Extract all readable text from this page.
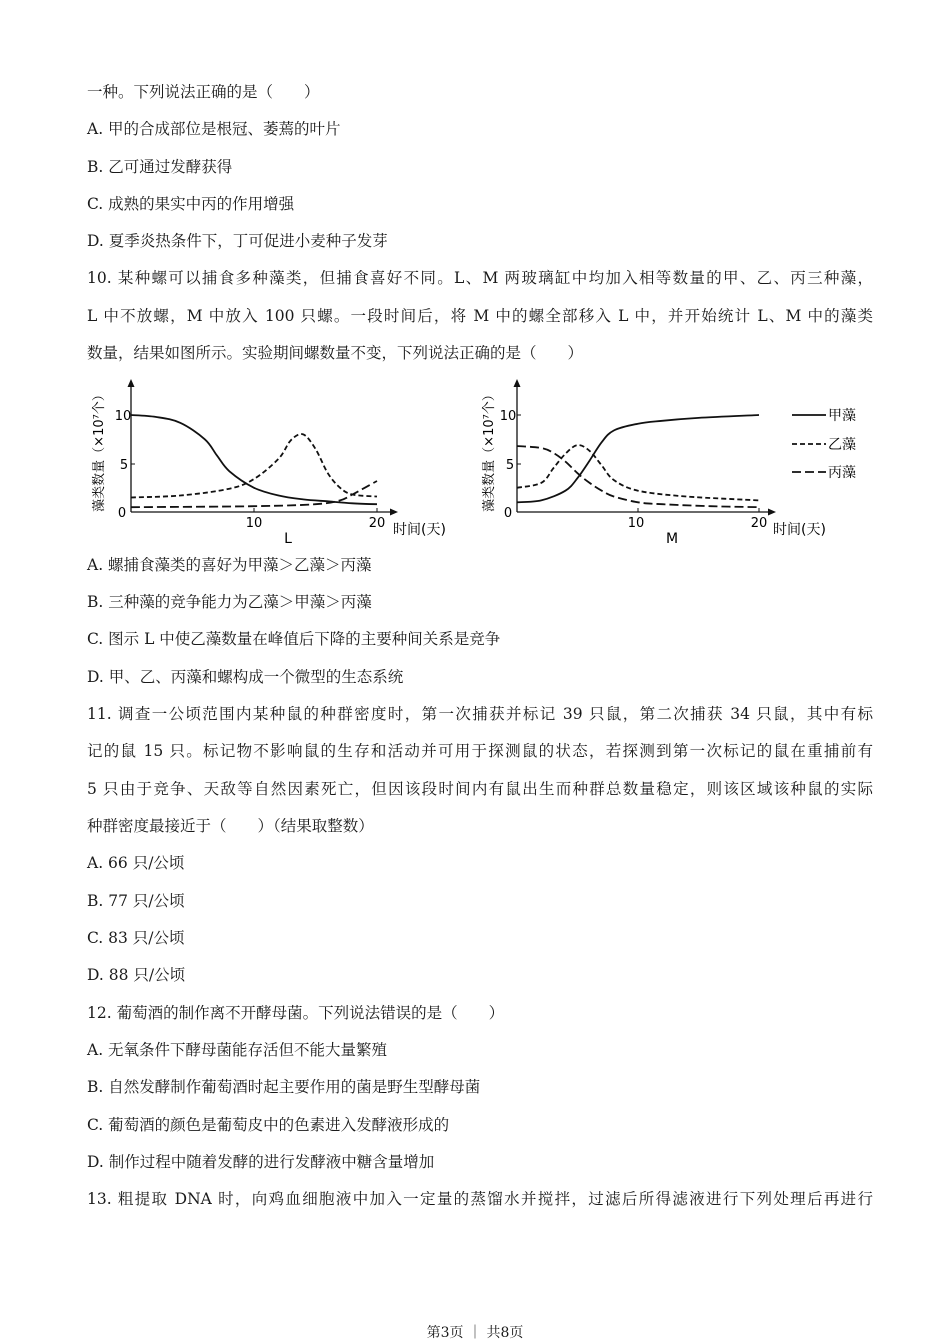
一种。下列说法正确的是（　　）
A. 甲的合成部位是根冠、萎蔫的叶片
B. 乙可通过发酵获得
C. 成熟的果实中丙的作用增强
D. 夏季炎热条件下，丁可促进小麦种子发芽
10. 某种螺可以捕食多种藻类，但捕食喜好不同。L、M 两玻璃缸中均加入相等数量的甲、乙、丙三种藻，
L 中不放螺，M 中放入 100 只螺。一段时间后，将 M 中的螺全部移入 L 中，并开始统计 L、M 中的藻类
数量，结果如图所示。实验期间螺数量不变，下列说法正确的是（　　）
藻类数量（×10⁷个）
0
5
10
10	20 时间(天)
L
藻类数量（×10⁷个）
0
5
10
10	20 时间(天)
M
甲藻
乙藻
丙藻
A. 螺捕食藻类的喜好为甲藻＞乙藻＞丙藻
B. 三种藻的竞争能力为乙藻＞甲藻＞丙藻
C. 图示 L 中使乙藻数量在峰值后下降的主要种间关系是竞争
D. 甲、乙、丙藻和螺构成一个微型的生态系统
11. 调查一公顷范围内某种鼠的种群密度时，第一次捕获并标记 39 只鼠，第二次捕获 34 只鼠，其中有标
记的鼠 15 只。标记物不影响鼠的生存和活动并可用于探测鼠的状态，若探测到第一次标记的鼠在重捕前有
5 只由于竞争、天敌等自然因素死亡，但因该段时间内有鼠出生而种群总数量稳定，则该区域该种鼠的实际
种群密度最接近于（　　）（结果取整数）
A. 66 只/公顷
B. 77 只/公顷
C. 83 只/公顷
D. 88 只/公顷
12. 葡萄酒的制作离不开酵母菌。下列说法错误的是（　　）
A. 无氧条件下酵母菌能存活但不能大量繁殖
B. 自然发酵制作葡萄酒时起主要作用的菌是野生型酵母菌
C. 葡萄酒的颜色是葡萄皮中的色素进入发酵液形成的
D. 制作过程中随着发酵的进行发酵液中糖含量增加
13. 粗提取 DNA 时，向鸡血细胞液中加入一定量的蒸馏水并搅拌，过滤后所得滤液进行下列处理后再进行
第3页 ｜ 共8页
